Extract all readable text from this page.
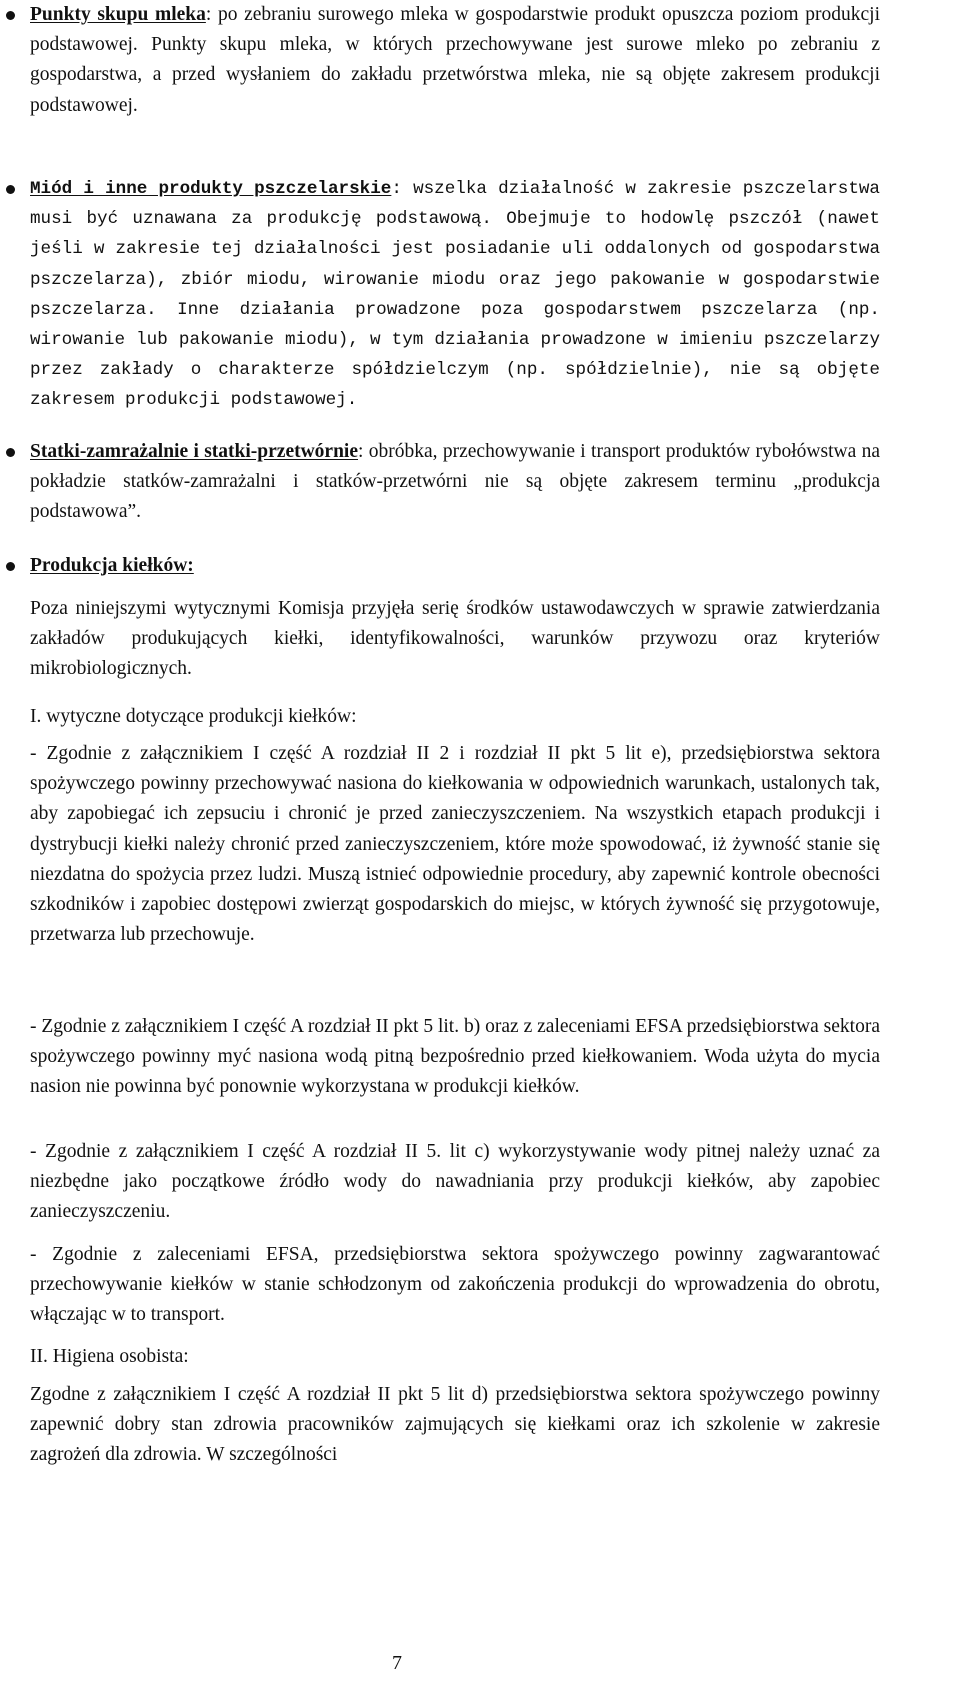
Punkty skupu mleka: po zebraniu surowego mleka w gospodarstwie produkt opuszcza poziom produkcji podstawowej. Punkty skupu mleka, w których przechowywane jest surowe mleko po zebraniu z gospodarstwa, a przed wysłaniem do zakładu przetwórstwa mleka, nie są objęte zakresem produkcji podstawowej.
Miód i inne produkty pszczelarskie: wszelka działalność w zakresie pszczelarstwa musi być uznawana za produkcję podstawową. Obejmuje to hodowlę pszczół (nawet jeśli w zakresie tej działalności jest posiadanie uli oddalonych od gospodarstwa pszczelarza), zbiór miodu, wirowanie miodu oraz jego pakowanie w gospodarstwie pszczelarza. Inne działania prowadzone poza gospodarstwem pszczelarza (np. wirowanie lub pakowanie miodu), w tym działania prowadzone w imieniu pszczelarzy przez zakłady o charakterze spółdzielczym (np. spółdzielnie), nie są objęte zakresem produkcji podstawowej.
Statki-zamrażalnie i statki-przetwórnie: obróbka, przechowywanie i transport produktów rybołówstwa na pokładzie statków-zamrażalni i statków-przetwórni nie są objęte zakresem terminu „produkcja podstawowa”.
Produkcja kiełków:

Poza niniejszymi wytycznymi Komisja przyjęła serię środków ustawodawczych w sprawie zatwierdzania zakładów produkujących kiełki, identyfikowalności, warunków przywozu oraz kryteriów mikrobiologicznych.

I. wytyczne dotyczące produkcji kiełków:

- Zgodnie z załącznikiem I część A rozdział II 2 i rozdział II pkt 5 lit e), przedsiębiorstwa sektora spożywczego powinny przechowywać nasiona do kiełkowania w odpowiednich warunkach, ustalonych tak, aby zapobiegać ich zepsuciu i chronić je przed zanieczyszczeniem. Na wszystkich etapach produkcji i dystrybucji kiełki należy chronić przed zanieczyszczeniem, które może spowodować, iż żywność stanie się niezdatna do spożycia przez ludzi. Muszą istnieć odpowiednie procedury, aby zapewnić kontrole obecności szkodników i zapobiec dostępowi zwierząt gospodarskich do miejsc, w których żywność się przygotowuje, przetwarza lub przechowuje.

- Zgodnie z załącznikiem I część A rozdział II pkt 5 lit. b) oraz z zaleceniami EFSA przedsiębiorstwa sektora spożywczego powinny myć nasiona wodą pitną bezpośrednio przed kiełkowaniem. Woda użyta do mycia nasion nie powinna być ponownie wykorzystana w produkcji kiełków.

- Zgodnie z załącznikiem I część A rozdział II 5. lit c) wykorzystywanie wody pitnej należy uznać za niezbędne jako początkowe źródło wody do nawadniania przy produkcji kiełków, aby zapobiec zanieczyszczeniu.

- Zgodnie z zaleceniami EFSA, przedsiębiorstwa sektora spożywczego powinny zagwarantować przechowywanie kiełków w stanie schłodzonym od zakończenia produkcji do wprowadzenia do obrotu, włączając w to transport.

II. Higiena osobista:

Zgodne z załącznikiem I część A rozdział II pkt 5 lit d) przedsiębiorstwa sektora spożywczego powinny zapewnić dobry stan zdrowia pracowników zajmujących się kiełkami oraz ich szkolenie w zakresie zagrożeń dla zdrowia. W szczególności

7
